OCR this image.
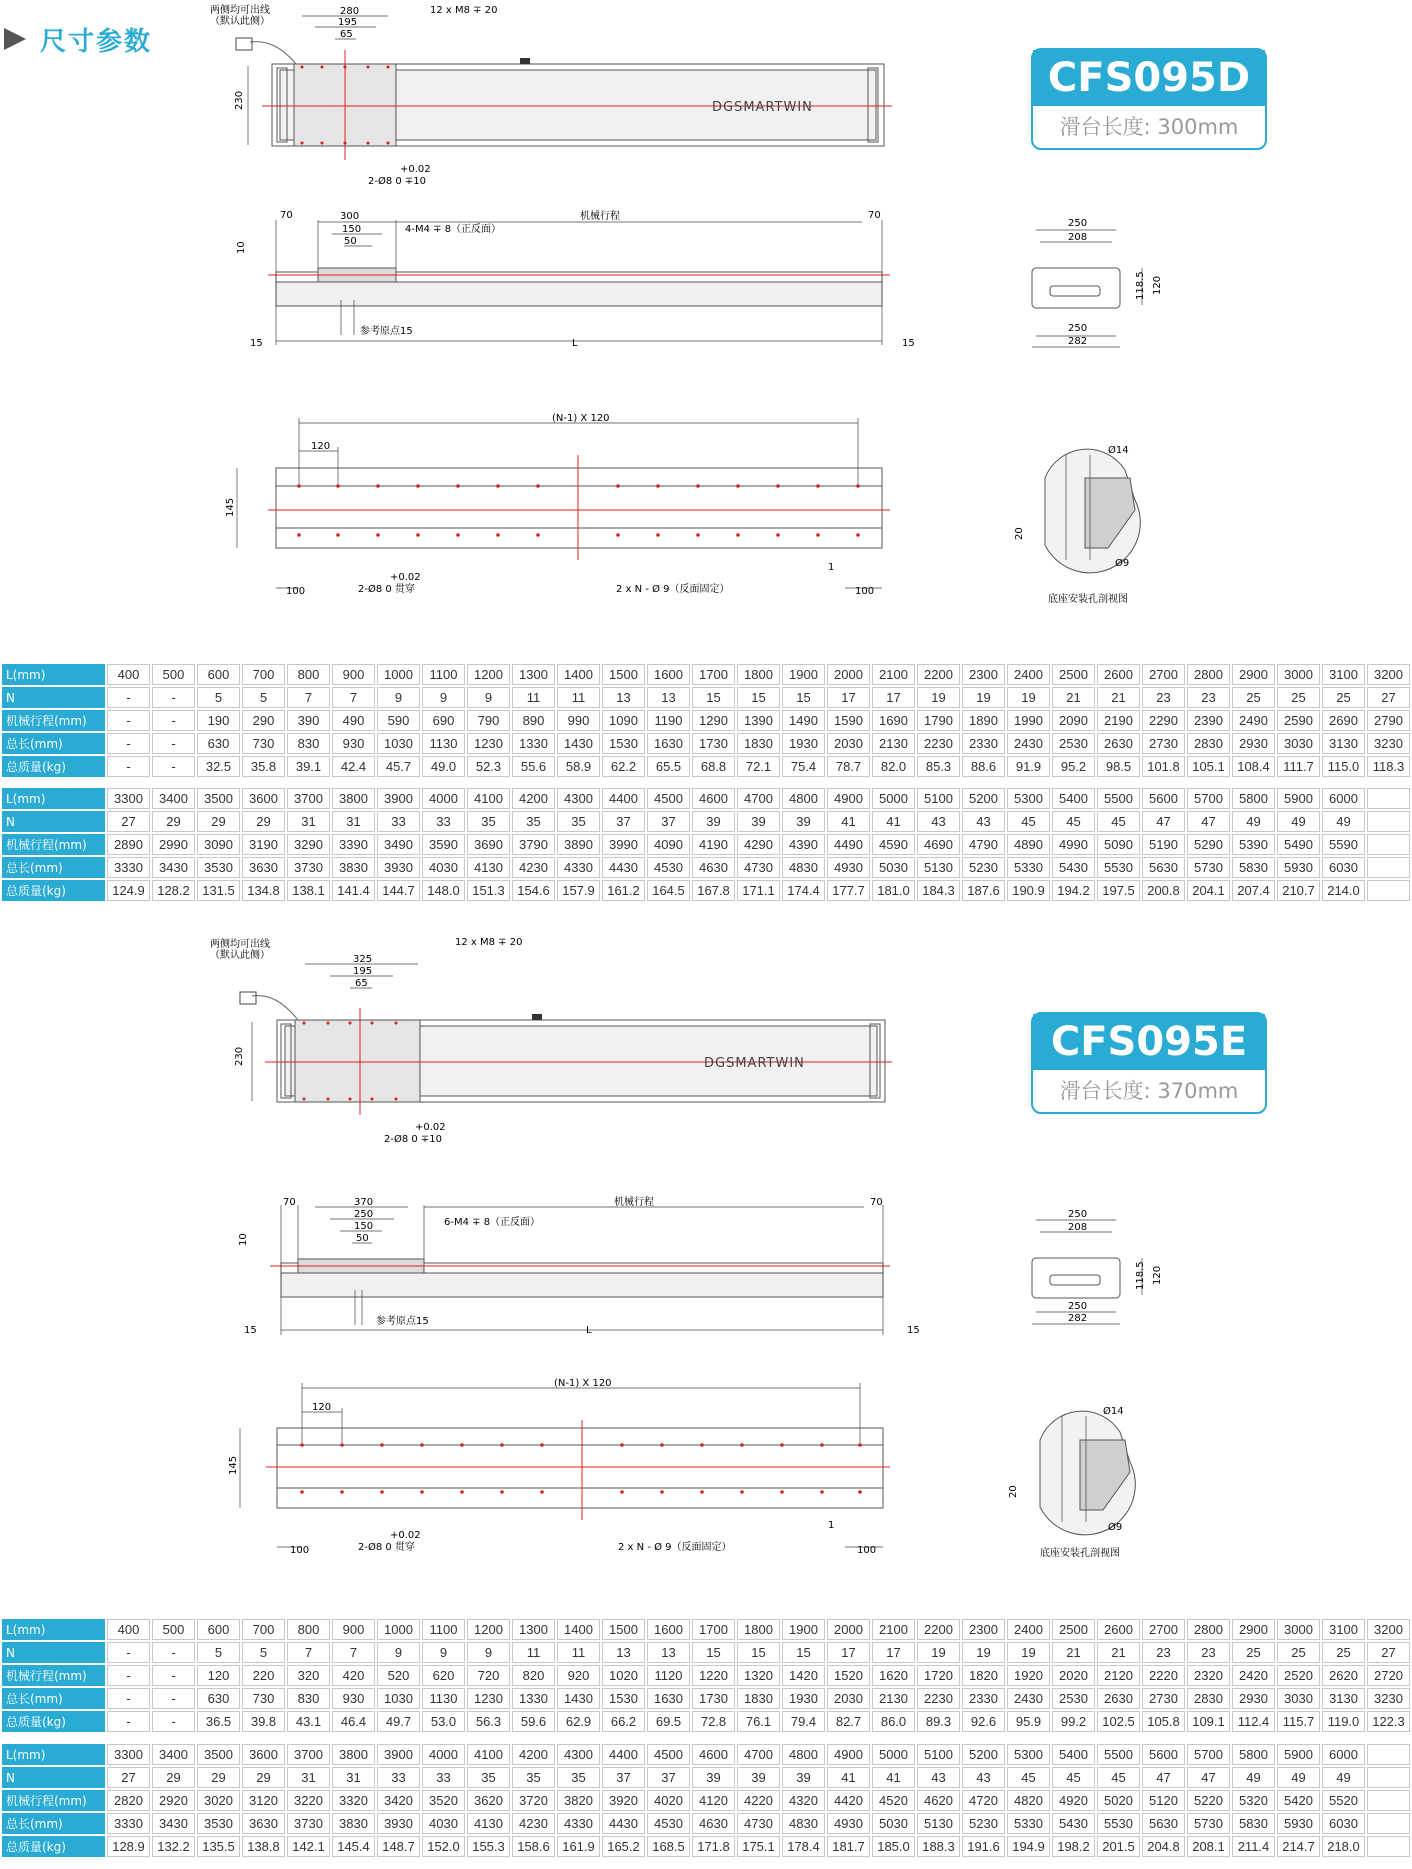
尺寸参数
CFS095D
滑台长度: 300mm
CFS095E
滑台长度: 370mm
DGSMARTWIN
两侧均可出线
（默认此侧）
12 x M8 ∓ 20
280
195
65
230
+0.02
2-Ø8 0 ∓10
70	70
300
150
50
4-M4 ∓ 8（正反面）
机械行程
参考原点15
10
15	15
L
250
208
118.5 120
250
282
(N-1) X 120
120
145
100	100
+0.02
2-Ø8 0 贯穿	2 x N - Ø 9（反面固定）
1
Ø14
Ø9
20
底座安装孔剖视图
L(mm)	400	500	600	700	800	900	1000	1100	1200	1300	1400	1500	1600	1700	1800	1900	2000	2100	2200	2300	2400	2500	2600	2700	2800	2900	3000	3100	3200
N	-	-	5	5	7	7	9	9	9	11	11	13	13	15	15	15	17	17	19	19	19	21	21	23	23	25	25	25	27
机械行程(mm)	-	-	190	290	390	490	590	690	790	890	990	1090	1190	1290	1390	1490	1590	1690	1790	1890	1990	2090	2190	2290	2390	2490	2590	2690	2790
总长(mm)	-	-	630	730	830	930	1030	1130	1230	1330	1430	1530	1630	1730	1830	1930	2030	2130	2230	2330	2430	2530	2630	2730	2830	2930	3030	3130	3230
总质量(kg)	-	-	32.5	35.8	39.1	42.4	45.7	49.0	52.3	55.6	58.9	62.2	65.5	68.8	72.1	75.4	78.7	82.0	85.3	88.6	91.9	95.2	98.5	101.8	105.1	108.4	111.7	115.0	118.3
L(mm)	3300	3400	3500	3600	3700	3800	3900	4000	4100	4200	4300	4400	4500	4600	4700	4800	4900	5000	5100	5200	5300	5400	5500	5600	5700	5800	5900	6000	
N	27	29	29	29	31	31	33	33	35	35	35	37	37	39	39	39	41	41	43	43	45	45	45	47	47	49	49	49	
机械行程(mm)	2890	2990	3090	3190	3290	3390	3490	3590	3690	3790	3890	3990	4090	4190	4290	4390	4490	4590	4690	4790	4890	4990	5090	5190	5290	5390	5490	5590	
总长(mm)	3330	3430	3530	3630	3730	3830	3930	4030	4130	4230	4330	4430	4530	4630	4730	4830	4930	5030	5130	5230	5330	5430	5530	5630	5730	5830	5930	6030	
总质量(kg)	124.9	128.2	131.5	134.8	138.1	141.4	144.7	148.0	151.3	154.6	157.9	161.2	164.5	167.8	171.1	174.4	177.7	181.0	184.3	187.6	190.9	194.2	197.5	200.8	204.1	207.4	210.7	214.0	
DGSMARTWIN
两侧均可出线
（默认此侧）
12 x M8 ∓ 20
325
195
65
230
+0.02
2-Ø8 0 ∓10
70	70
370
250
150
50
6-M4 ∓ 8（正反面）
机械行程
参考原点15
10
15	15
L
250
208
118.5 120
250
282
(N-1) X 120
120
145
100	100
+0.02
2-Ø8 0 贯穿	2 x N - Ø 9（反面固定）
1
Ø14
Ø9
20
底座安装孔剖视图
L(mm)	400	500	600	700	800	900	1000	1100	1200	1300	1400	1500	1600	1700	1800	1900	2000	2100	2200	2300	2400	2500	2600	2700	2800	2900	3000	3100	3200
N	-	-	5	5	7	7	9	9	9	11	11	13	13	15	15	15	17	17	19	19	19	21	21	23	23	25	25	25	27
机械行程(mm)	-	-	120	220	320	420	520	620	720	820	920	1020	1120	1220	1320	1420	1520	1620	1720	1820	1920	2020	2120	2220	2320	2420	2520	2620	2720
总长(mm)	-	-	630	730	830	930	1030	1130	1230	1330	1430	1530	1630	1730	1830	1930	2030	2130	2230	2330	2430	2530	2630	2730	2830	2930	3030	3130	3230
总质量(kg)	-	-	36.5	39.8	43.1	46.4	49.7	53.0	56.3	59.6	62.9	66.2	69.5	72.8	76.1	79.4	82.7	86.0	89.3	92.6	95.9	99.2	102.5	105.8	109.1	112.4	115.7	119.0	122.3
L(mm)	3300	3400	3500	3600	3700	3800	3900	4000	4100	4200	4300	4400	4500	4600	4700	4800	4900	5000	5100	5200	5300	5400	5500	5600	5700	5800	5900	6000	
N	27	29	29	29	31	31	33	33	35	35	35	37	37	39	39	39	41	41	43	43	45	45	45	47	47	49	49	49	
机械行程(mm)	2820	2920	3020	3120	3220	3320	3420	3520	3620	3720	3820	3920	4020	4120	4220	4320	4420	4520	4620	4720	4820	4920	5020	5120	5220	5320	5420	5520	
总长(mm)	3330	3430	3530	3630	3730	3830	3930	4030	4130	4230	4330	4430	4530	4630	4730	4830	4930	5030	5130	5230	5330	5430	5530	5630	5730	5830	5930	6030	
总质量(kg)	128.9	132.2	135.5	138.8	142.1	145.4	148.7	152.0	155.3	158.6	161.9	165.2	168.5	171.8	175.1	178.4	181.7	185.0	188.3	191.6	194.9	198.2	201.5	204.8	208.1	211.4	214.7	218.0	
